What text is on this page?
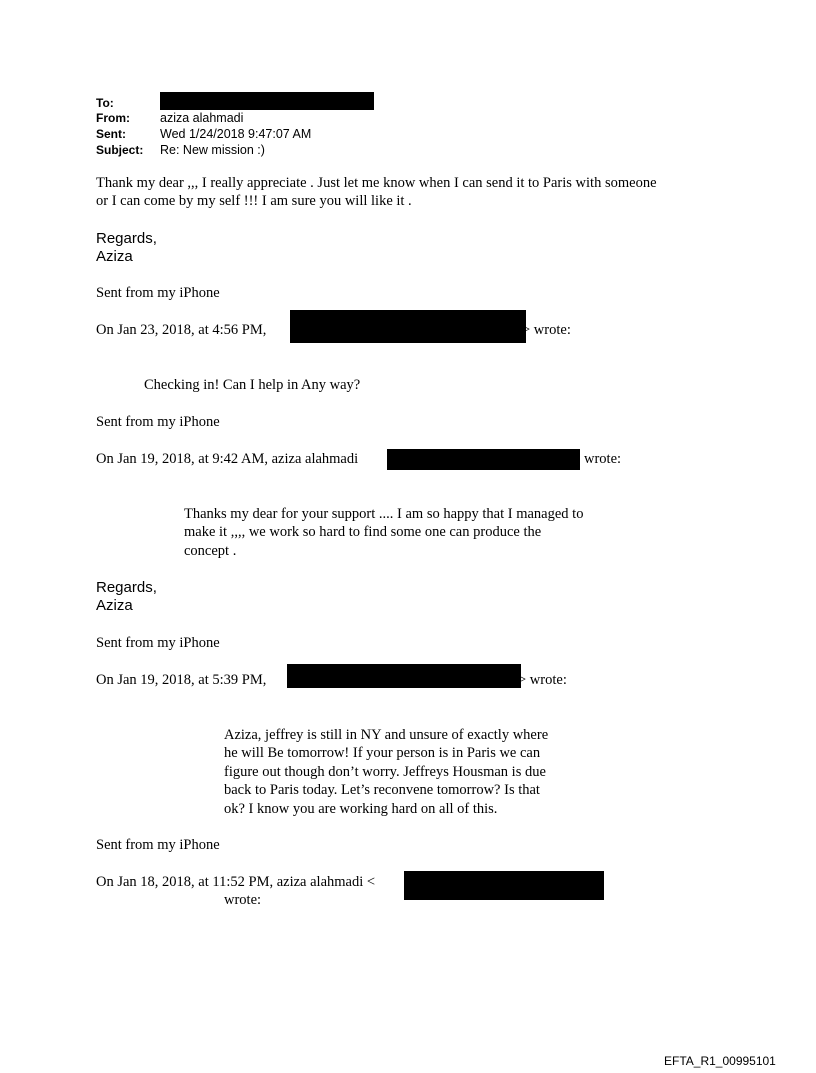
To:
From: aziza alahmadi
Sent:	Wed 1/24/2018 9:47:07 AM
Subject: Re: New mission :)
Thank my dear ,,, I really appreciate . Just let me know when I can send it to Paris with someone
or I can come by my self !!! I am sure you will like it .
Regards,
Aziza
Sent from my iPhone
On Jan 23, 2018, at 4:56 PM,	> wrote:
Checking in! Can I help in Any way?
Sent from my iPhone
On Jan 19, 2018, at 9:42 AM, aziza alahmadi	wrote:
Thanks my dear for your support .... I am so happy that I managed to
make it ,,,, we work so hard to find some one can produce the
concept .
Regards,
Aziza
Sent from my iPhone
On Jan 19, 2018, at 5:39 PM,	> wrote:
Aziza, jeffrey is still in NY and unsure of exactly where
he will Be tomorrow! If your person is in Paris we can
figure out though don’t worry. Jeffreys Housman is due
back to Paris today. Let’s reconvene tomorrow? Is that
ok? I know you are working hard on all of this.
Sent from my iPhone
On Jan 18, 2018, at 11:52 PM, aziza alahmadi <
wrote:
EFTA_R1_00995101
